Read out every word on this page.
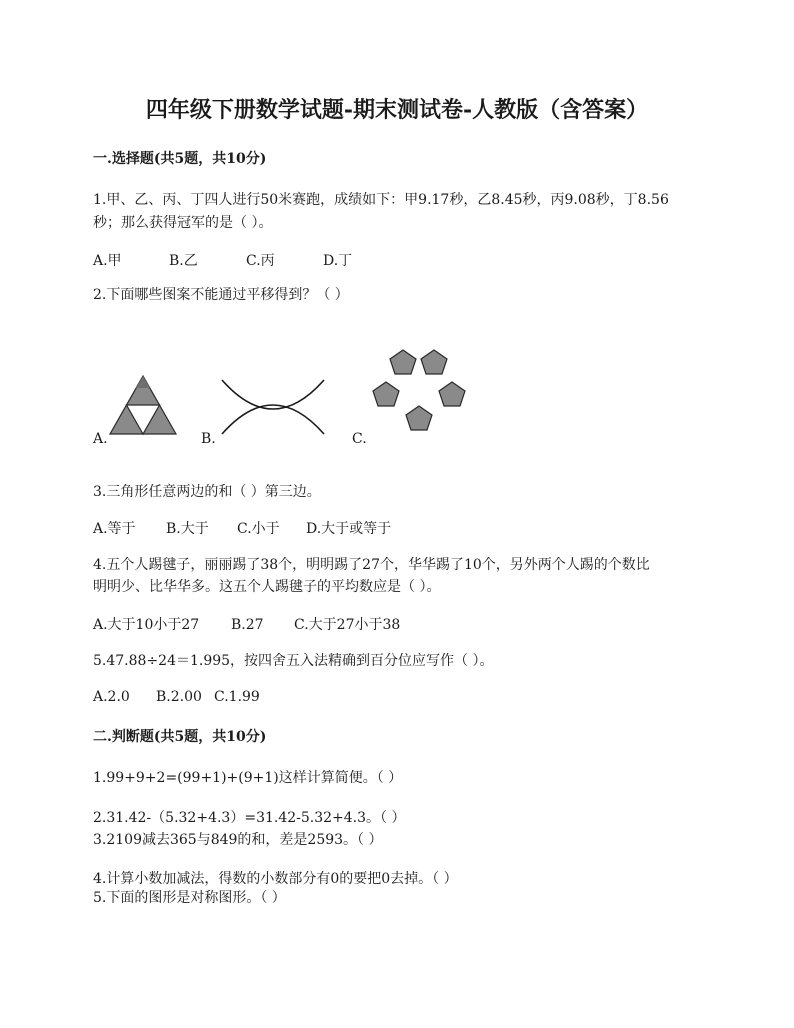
四年级下册数学试题-期末测试卷-人教版（含答案）
一.选择题(共5题，共10分)
1.甲、乙、丙、丁四人进行50米赛跑，成绩如下：甲9.17秒，乙8.45秒，丙9.08秒，丁8.56
秒；那么获得冠军的是（ ）。
A.甲	B.乙	C.丙	D.丁
2.下面哪些图案不能通过平移得到？（ ）
A.	B.	C.
3.三角形任意两边的和（ ）第三边。
A.等于 B.大于 C.小于 D.大于或等于
4.五个人踢毽子，丽丽踢了38个，明明踢了27个，华华踢了10个，另外两个人踢的个数比
明明少、比华华多。这五个人踢毽子的平均数应是（ ）。
A.大于10小于27 B.27 C.大于27小于38
5.47.88÷24＝1.995，按四舍五入法精确到百分位应写作（ ）。
A.2.0 B.2.00 C.1.99
二.判断题(共5题，共10分)
1.99+9+2=(99+1)+(9+1)这样计算简便。（ ）
2.31.42-（5.32+4.3）=31.42-5.32+4.3。（ ）
3.2109减去365与849的和，差是2593。（ ）
4.计算小数加减法，得数的小数部分有0的要把0去掉。（ ）
5.下面的图形是对称图形。（ ）
